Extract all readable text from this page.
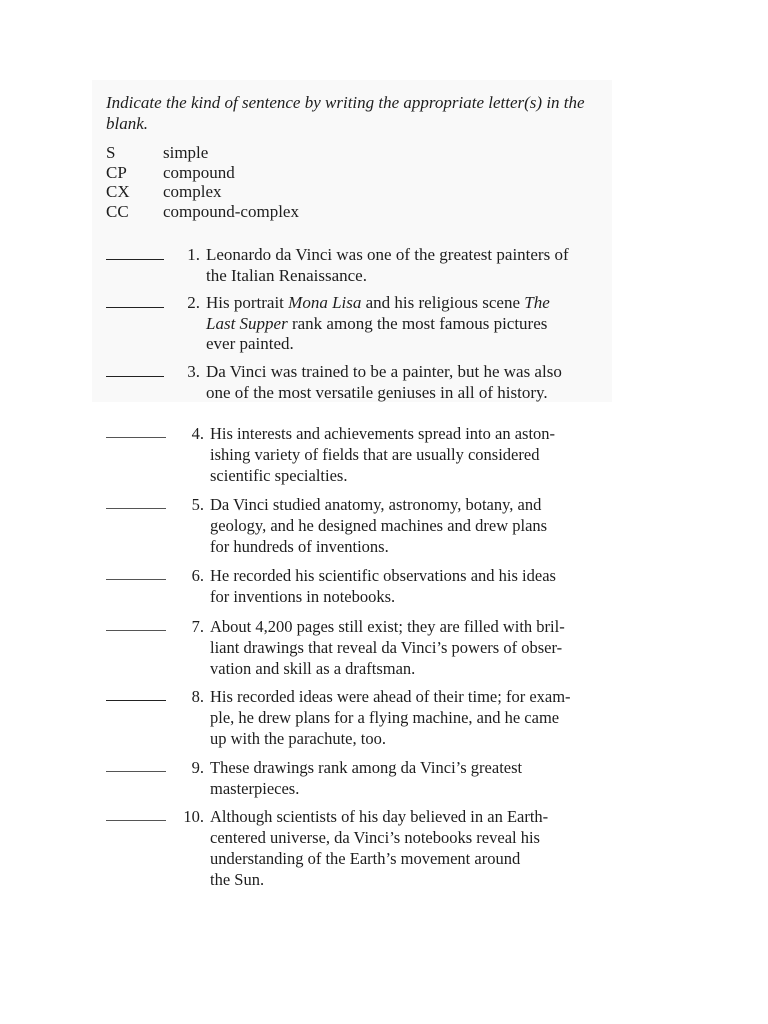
Indicate the kind of sentence by writing the appropriate letter(s) in the blank.

S	simple
CP	compound
CX	complex
CC	compound-complex
1. Leonardo da Vinci was one of the greatest painters of
the Italian Renaissance.
2. His portrait Mona Lisa and his religious scene The
Last Supper rank among the most famous pictures
ever painted.
3. Da Vinci was trained to be a painter, but he was also
one of the most versatile geniuses in all of history.
4. His interests and achievements spread into an aston-
ishing variety of fields that are usually considered
scientific specialties.
5. Da Vinci studied anatomy, astronomy, botany, and
geology, and he designed machines and drew plans
for hundreds of inventions.
6. He recorded his scientific observations and his ideas
for inventions in notebooks.
7. About 4,200 pages still exist; they are filled with bril-
liant drawings that reveal da Vinci’s powers of obser-
vation and skill as a draftsman.
8. His recorded ideas were ahead of their time; for exam-
ple, he drew plans for a flying machine, and he came
up with the parachute, too.
9. These drawings rank among da Vinci’s greatest
masterpieces.
10. Although scientists of his day believed in an Earth-
centered universe, da Vinci’s notebooks reveal his
understanding of the Earth’s movement around
the Sun.
